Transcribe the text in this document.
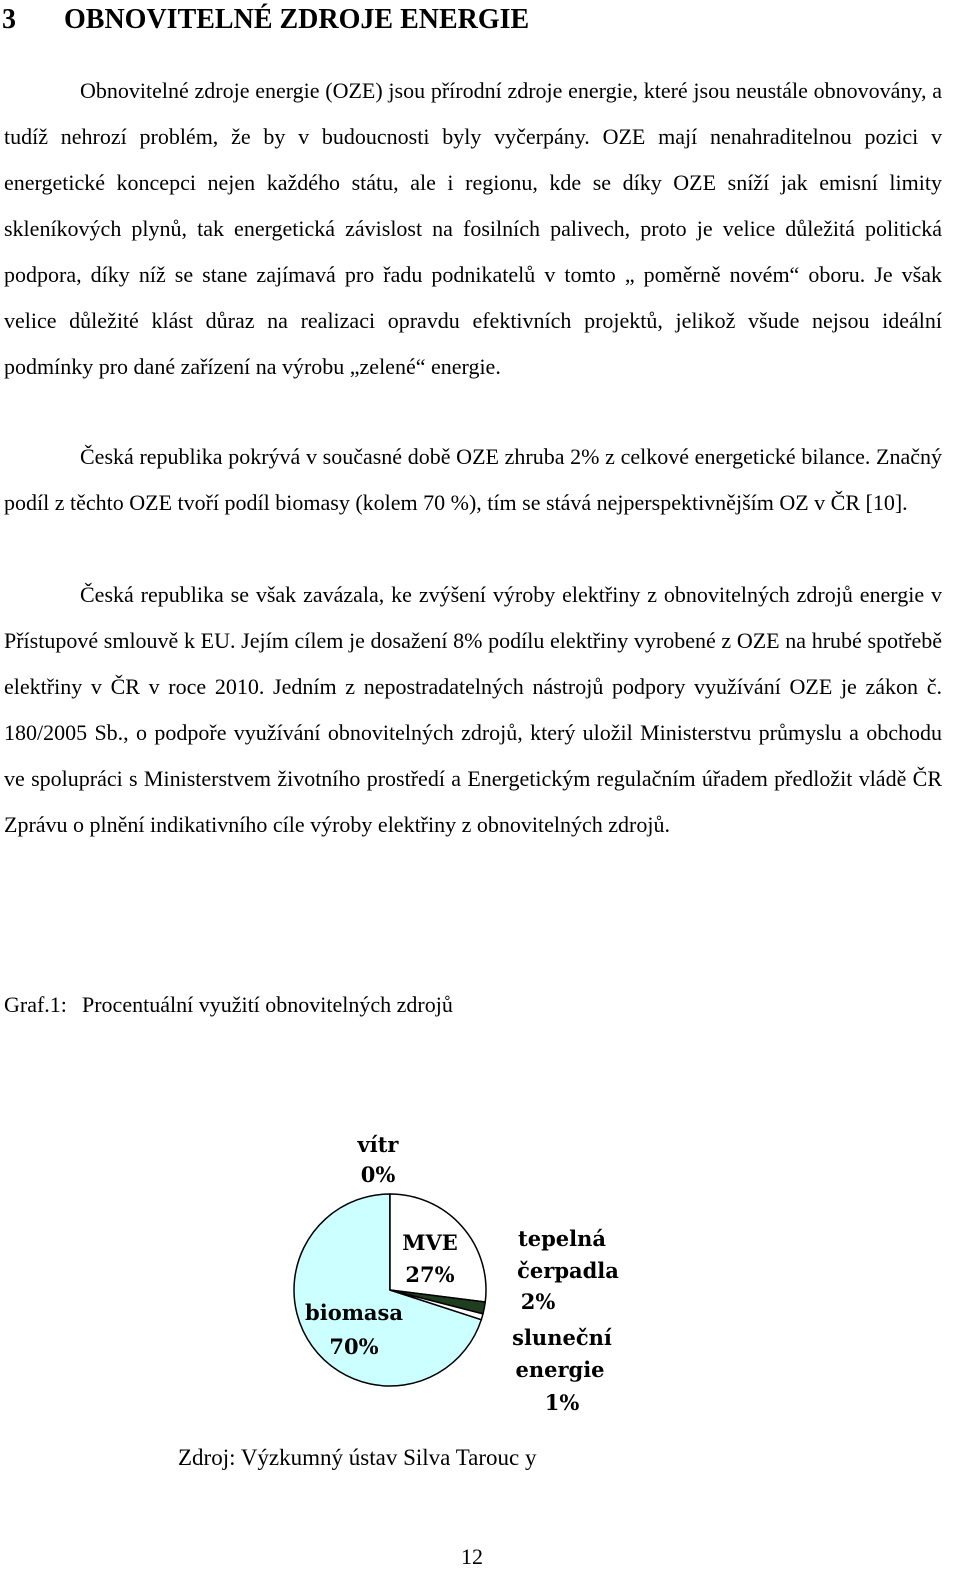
3 OBNOVITELNÉ ZDROJE ENERGIE

Obnovitelné zdroje energie (OZE) jsou přírodní zdroje energie, které jsou neustále obnovovány, a tudíž nehrozí problém, že by v budoucnosti byly vyčerpány. OZE mají nenahraditelnou pozici v energetické koncepci nejen každého státu, ale i regionu, kde se díky OZE sníží jak emisní limity skleníkových plynů, tak energetická závislost na fosilních palivech, proto je velice důležitá politická podpora, díky níž se stane zajímavá pro řadu podnikatelů v tomto „ poměrně novém“ oboru. Je však velice důležité klást důraz na realizaci opravdu efektivních projektů, jelikož všude nejsou ideální podmínky pro dané zařízení na výrobu „zelené“ energie.

Česká republika pokrývá v současné době OZE zhruba 2% z celkové energetické bilance. Značný podíl z těchto OZE tvoří podíl biomasy (kolem 70 %), tím se stává nejperspektivnějším OZ v ČR [10].

Česká republika se však zavázala, ke zvýšení výroby elektřiny z obnovitelných zdrojů energie v Přístupové smlouvě k EU. Jejím cílem je dosažení 8% podílu elektřiny vyrobené z OZE na hrubé spotřebě elektřiny v ČR v roce 2010. Jedním z nepostradatelných nástrojů podpory využívání OZE je zákon č. 180/2005 Sb., o podpoře využívání obnovitelných zdrojů, který uložil Ministerstvu průmyslu a obchodu ve spolupráci s Ministerstvem životního prostředí a Energetickým regulačním úřadem předložit vládě ČR Zprávu o plnění indikativního cíle výroby elektřiny z obnovitelných zdrojů.

Graf.1: Procentuální využití obnovitelných zdrojů

vítr
0%
MVE
27%
biomasa
70%
tepelná
čerpadla
2%
sluneční
energie
1%

Zdroj: Výzkumný ústav Silva Tarouc y

12
